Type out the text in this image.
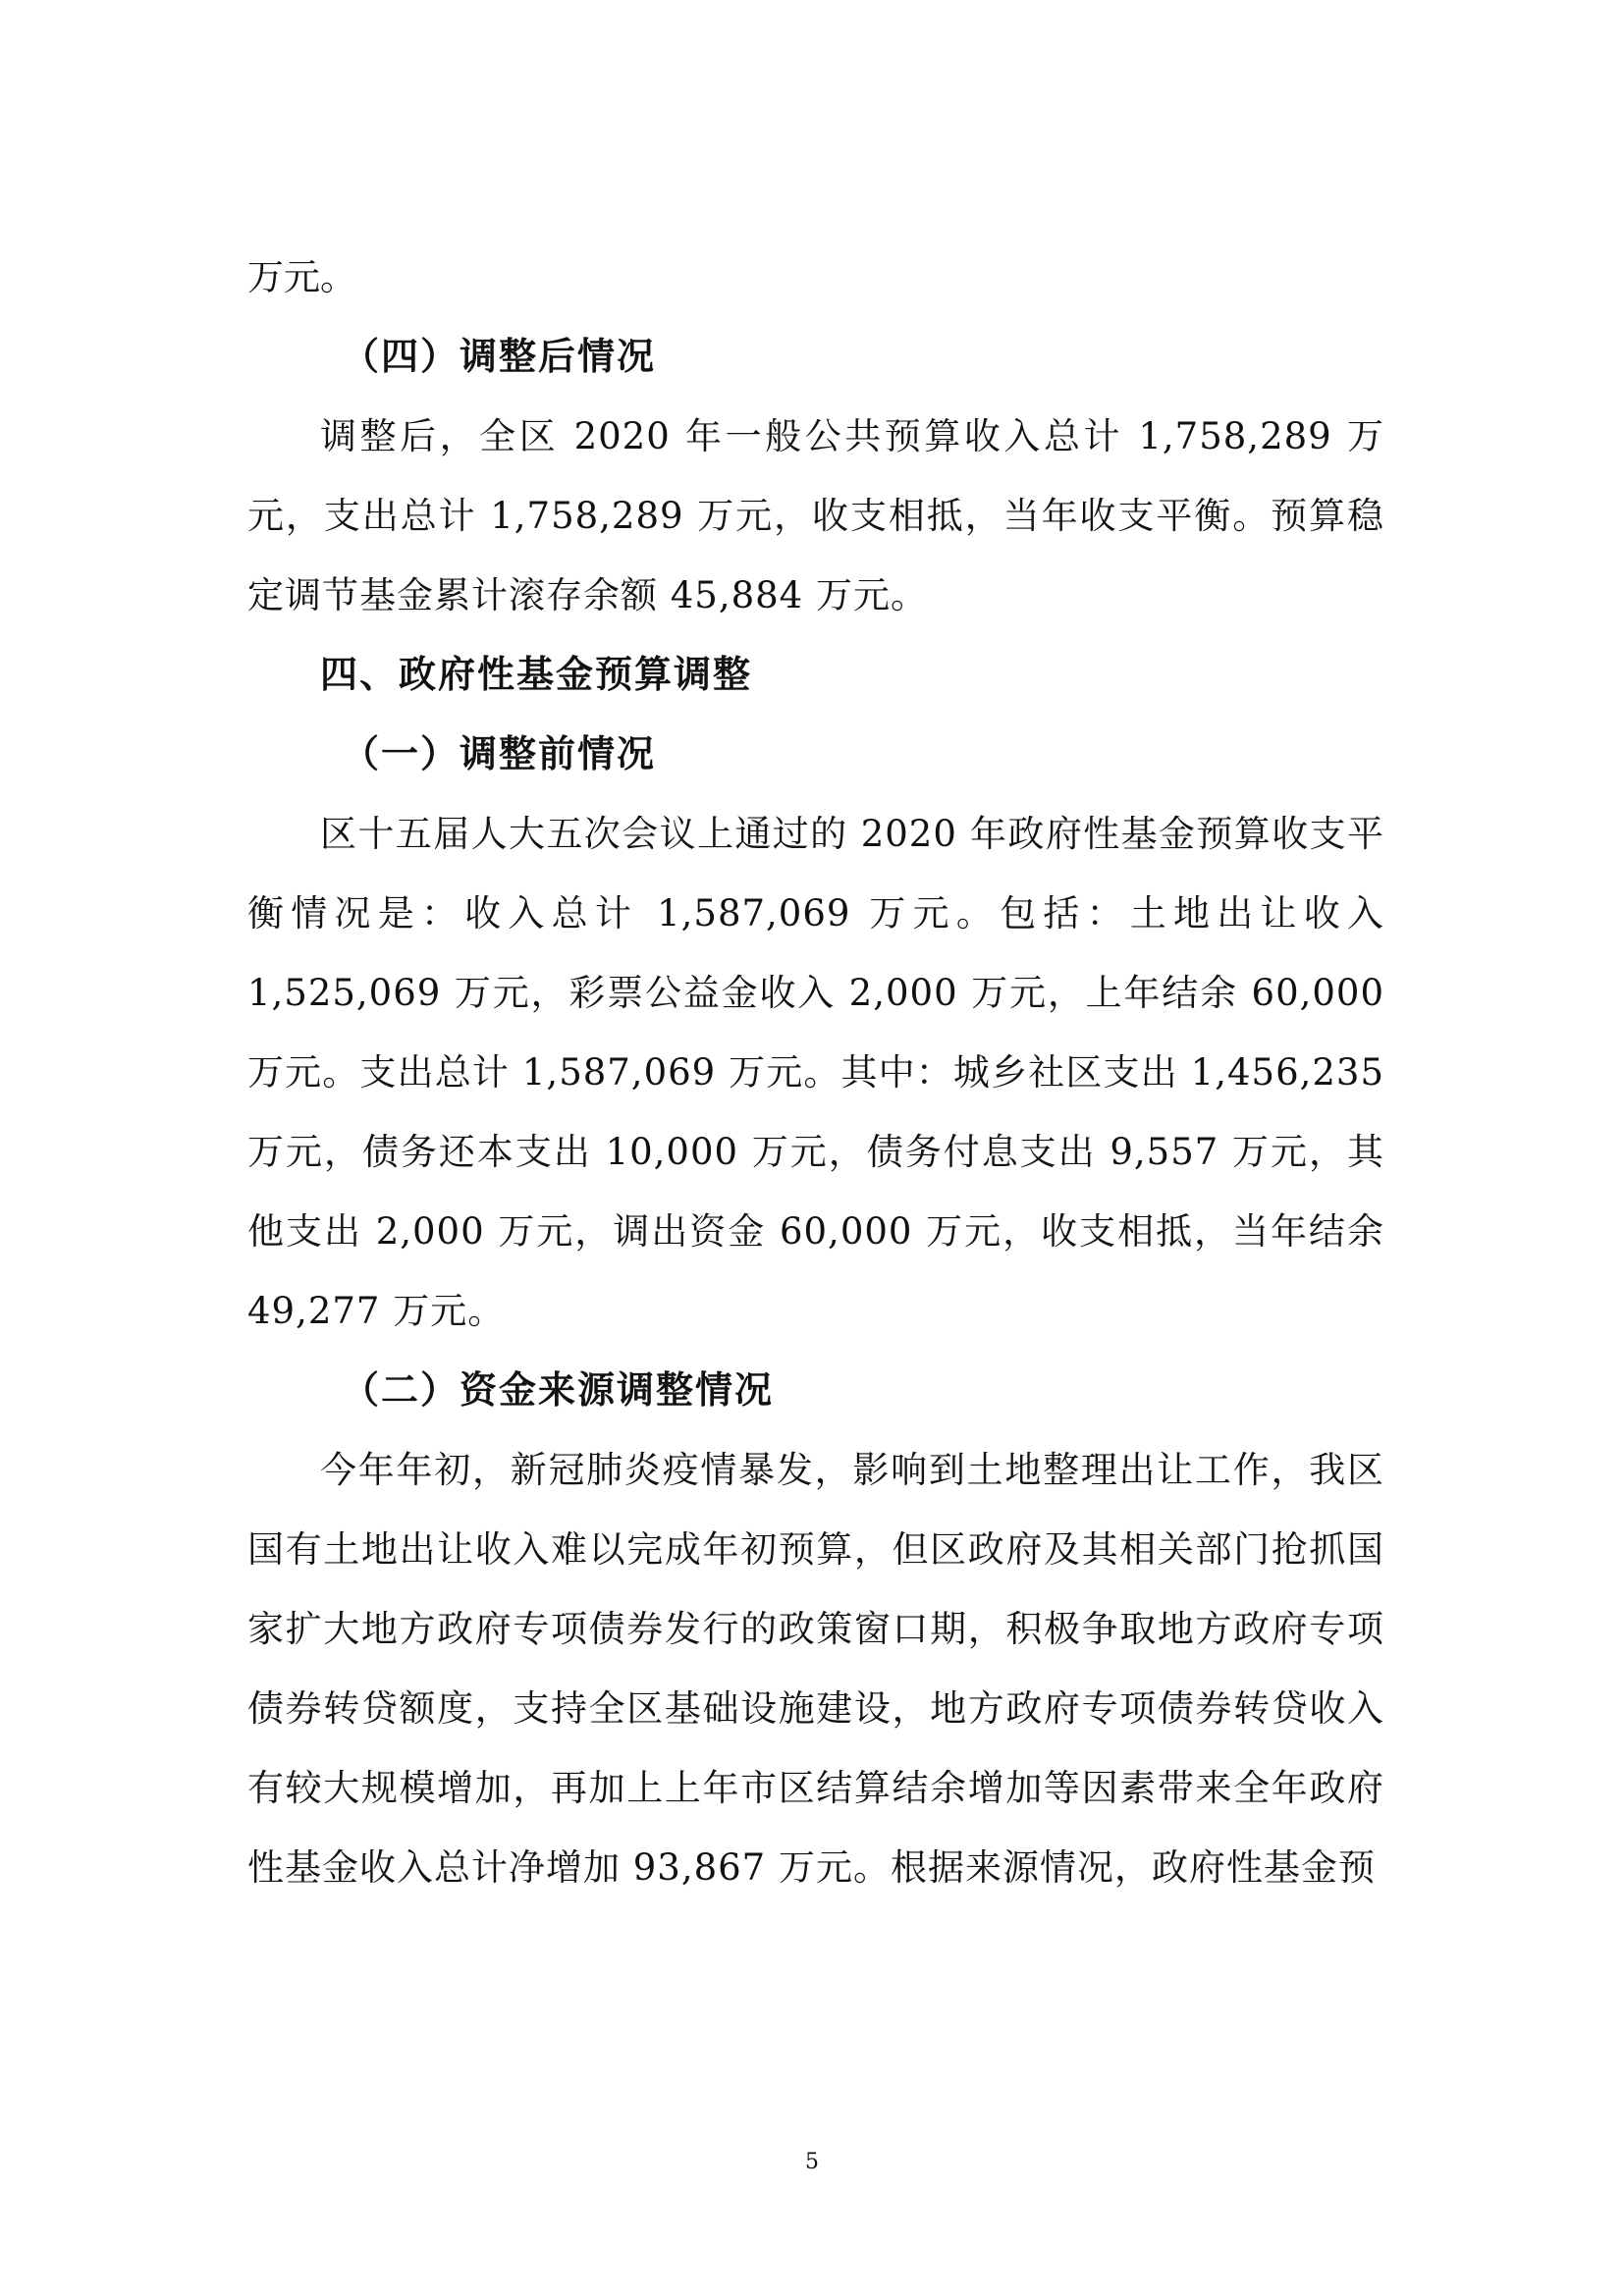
万元。
（四）调整后情况

调整后，全区 2020 年一般公共预算收入总计 1,758,289 万元，支出总计 1,758,289 万元，收支相抵，当年收支平衡。预算稳定调节基金累计滚存余额 45,884 万元。

四、政府性基金预算调整
（一）调整前情况

区十五届人大五次会议上通过的 2020 年政府性基金预算收支平衡情况是：收入总计 1,587,069 万元。包括：土地出让收入 1,525,069 万元，彩票公益金收入 2,000 万元，上年结余 60,000 万元。支出总计 1,587,069 万元。其中：城乡社区支出 1,456,235 万元，债务还本支出 10,000 万元，债务付息支出 9,557 万元，其他支出 2,000 万元，调出资金 60,000 万元，收支相抵，当年结余 49,277 万元。

（二）资金来源调整情况

今年年初，新冠肺炎疫情暴发，影响到土地整理出让工作，我区国有土地出让收入难以完成年初预算，但区政府及其相关部门抢抓国家扩大地方政府专项债券发行的政策窗口期，积极争取地方政府专项债券转贷额度，支持全区基础设施建设，地方政府专项债券转贷收入有较大规模增加，再加上上年市区结算结余增加等因素带来全年政府性基金收入总计净增加 93,867 万元。根据来源情况，政府性基金预

5
